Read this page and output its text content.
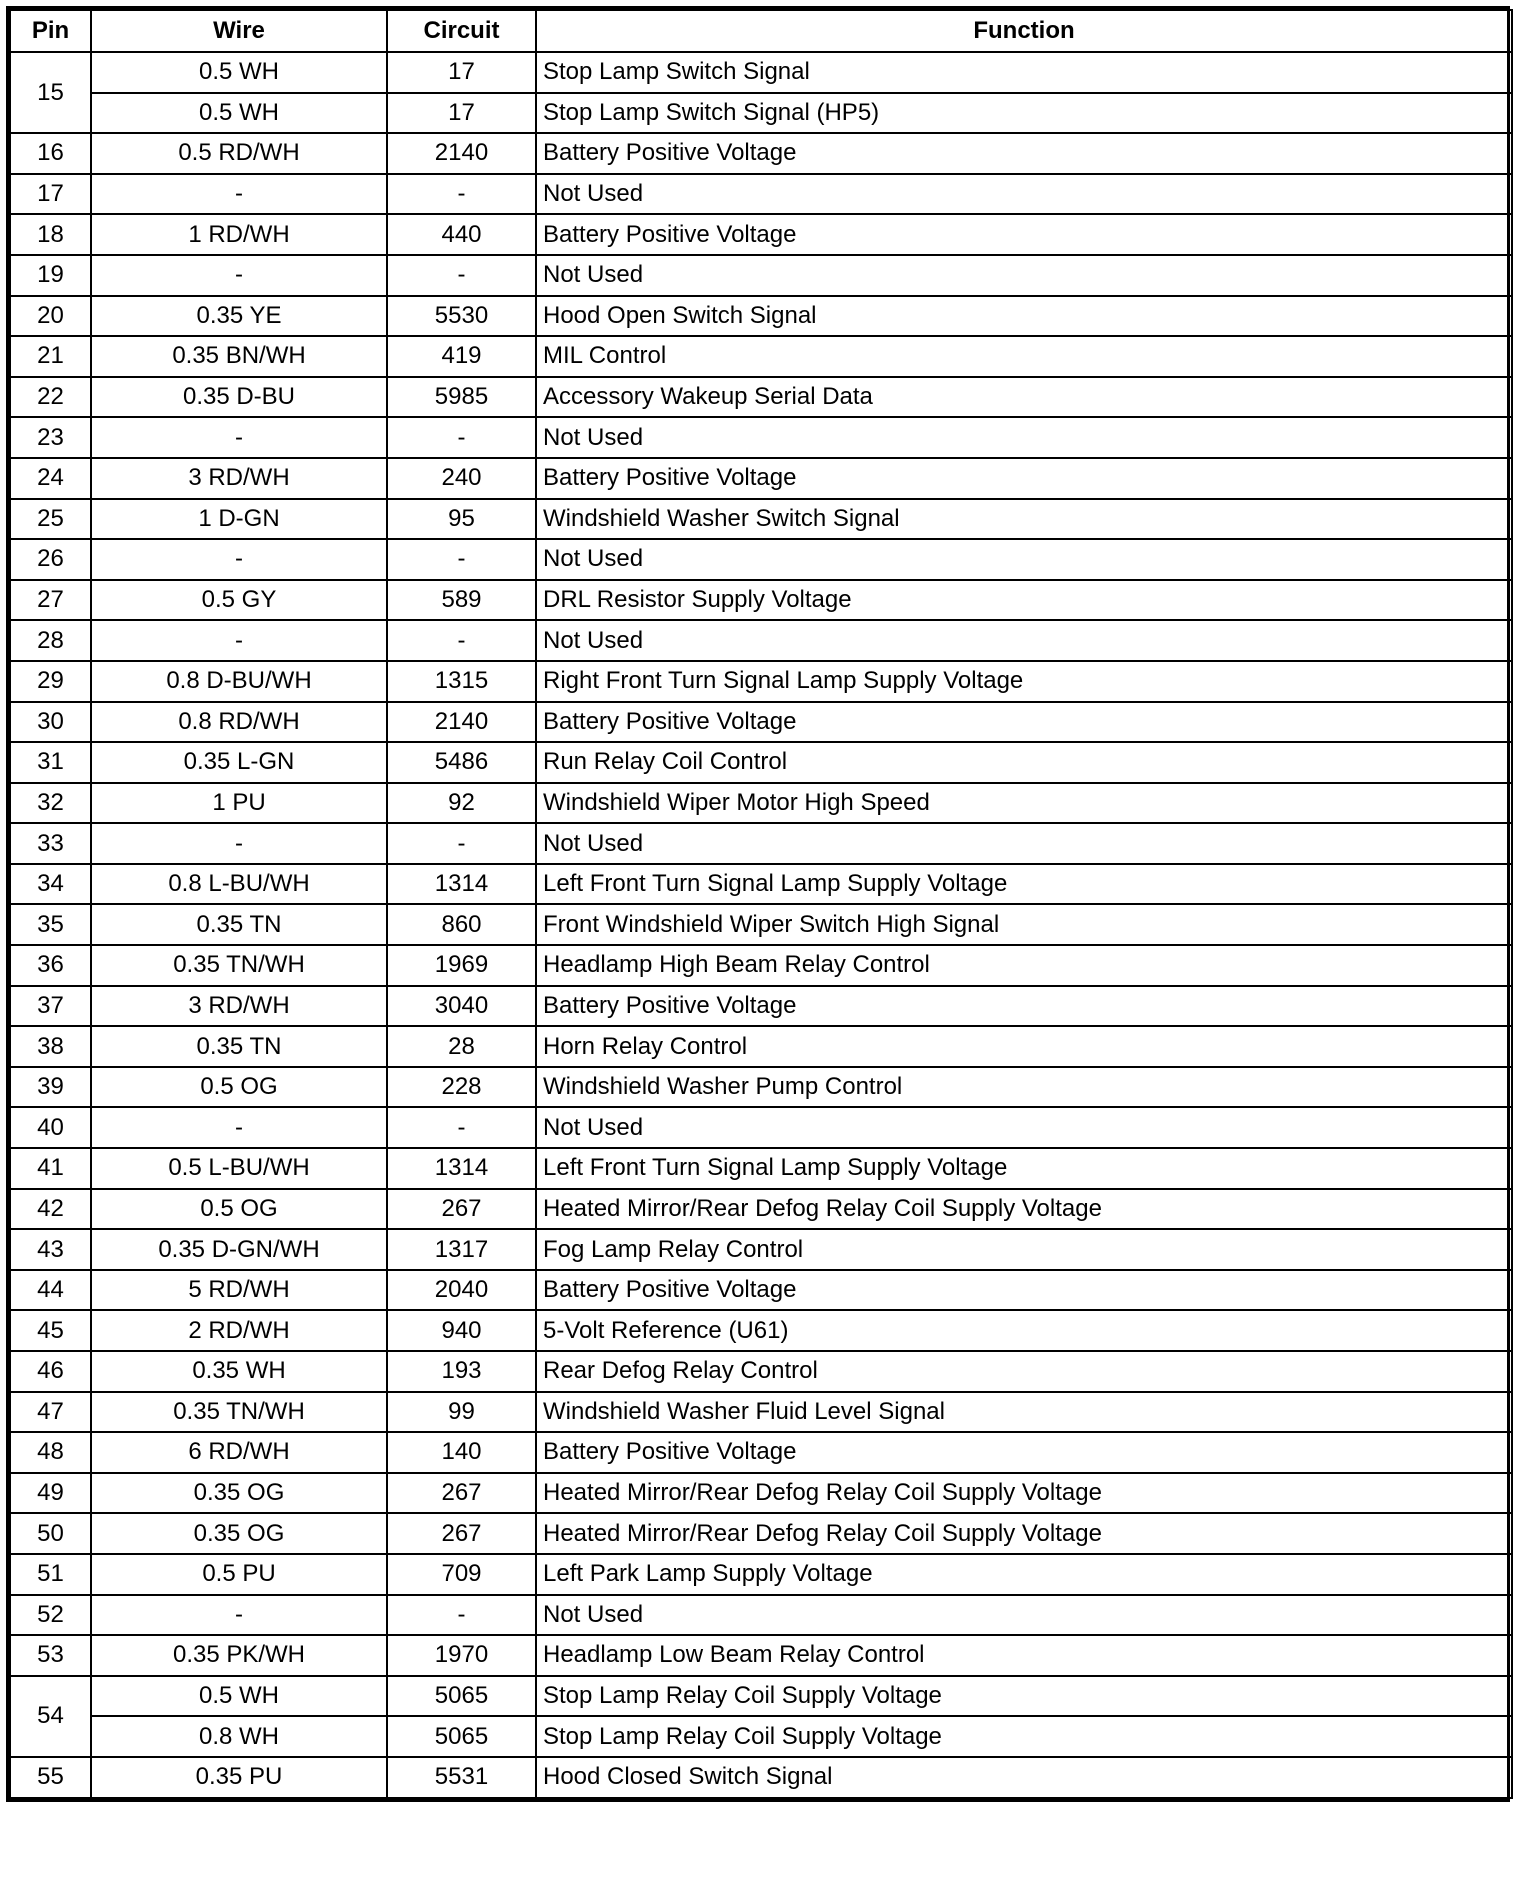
Pin	Wire	Circuit	Function
15	0.5 WH	17	Stop Lamp Switch Signal
	0.5 WH	17	Stop Lamp Switch Signal (HP5)
16	0.5 RD/WH	2140	Battery Positive Voltage
17	-	-	Not Used
18	1 RD/WH	440	Battery Positive Voltage
19	-	-	Not Used
20	0.35 YE	5530	Hood Open Switch Signal
21	0.35 BN/WH	419	MIL Control
22	0.35 D-BU	5985	Accessory Wakeup Serial Data
23	-	-	Not Used
24	3 RD/WH	240	Battery Positive Voltage
25	1 D-GN	95	Windshield Washer Switch Signal
26	-	-	Not Used
27	0.5 GY	589	DRL Resistor Supply Voltage
28	-	-	Not Used
29	0.8 D-BU/WH	1315	Right Front Turn Signal Lamp Supply Voltage
30	0.8 RD/WH	2140	Battery Positive Voltage
31	0.35 L-GN	5486	Run Relay Coil Control
32	1 PU	92	Windshield Wiper Motor High Speed
33	-	-	Not Used
34	0.8 L-BU/WH	1314	Left Front Turn Signal Lamp Supply Voltage
35	0.35 TN	860	Front Windshield Wiper Switch High Signal
36	0.35 TN/WH	1969	Headlamp High Beam Relay Control
37	3 RD/WH	3040	Battery Positive Voltage
38	0.35 TN	28	Horn Relay Control
39	0.5 OG	228	Windshield Washer Pump Control
40	-	-	Not Used
41	0.5 L-BU/WH	1314	Left Front Turn Signal Lamp Supply Voltage
42	0.5 OG	267	Heated Mirror/Rear Defog Relay Coil Supply Voltage
43	0.35 D-GN/WH	1317	Fog Lamp Relay Control
44	5 RD/WH	2040	Battery Positive Voltage
45	2 RD/WH	940	5-Volt Reference (U61)
46	0.35 WH	193	Rear Defog Relay Control
47	0.35 TN/WH	99	Windshield Washer Fluid Level Signal
48	6 RD/WH	140	Battery Positive Voltage
49	0.35 OG	267	Heated Mirror/Rear Defog Relay Coil Supply Voltage
50	0.35 OG	267	Heated Mirror/Rear Defog Relay Coil Supply Voltage
51	0.5 PU	709	Left Park Lamp Supply Voltage
52	-	-	Not Used
53	0.35 PK/WH	1970	Headlamp Low Beam Relay Control
54	0.5 WH	5065	Stop Lamp Relay Coil Supply Voltage
	0.8 WH	5065	Stop Lamp Relay Coil Supply Voltage
55	0.35 PU	5531	Hood Closed Switch Signal
